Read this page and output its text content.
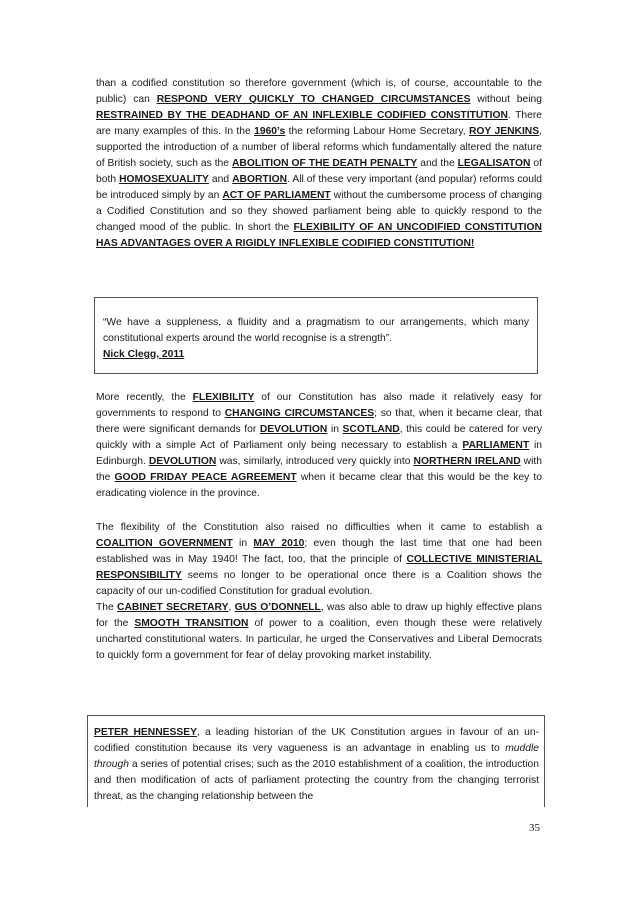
than a codified constitution so therefore government (which is, of course, accountable to the public) can RESPOND VERY QUICKLY TO CHANGED CIRCUMSTANCES without being RESTRAINED BY THE DEADHAND OF AN INFLEXIBLE CODIFIED CONSTITUTION. There are many examples of this. In the 1960’s the reforming Labour Home Secretary, ROY JENKINS, supported the introduction of a number of liberal reforms which fundamentally altered the nature of British society, such as the ABOLITION OF THE DEATH PENALTY and the LEGALISATON of both HOMOSEXUALITY and ABORTION. All of these very important (and popular) reforms could be introduced simply by an ACT OF PARLIAMENT without the cumbersome process of changing a Codified Constitution and so they showed parliament being able to quickly respond to the changed mood of the public. In short the FLEXIBILITY OF AN UNCODIFIED CONSTITUTION HAS ADVANTAGES OVER A RIGIDLY INFLEXIBLE CODIFIED CONSTITUTION!
“We have a suppleness, a fluidity and a pragmatism to our arrangements, which many constitutional experts around the world recognise is a strength”.
Nick Clegg, 2011
More recently, the FLEXIBILITY of our Constitution has also made it relatively easy for governments to respond to CHANGING CIRCUMSTANCES; so that, when it became clear, that there were significant demands for DEVOLUTION in SCOTLAND, this could be catered for very quickly with a simple Act of Parliament only being necessary to establish a PARLIAMENT in Edinburgh. DEVOLUTION was, similarly, introduced very quickly into NORTHERN IRELAND with the GOOD FRIDAY PEACE AGREEMENT when it became clear that this would be the key to eradicating violence in the province.
The flexibility of the Constitution also raised no difficulties when it came to establish a COALITION GOVERNMENT in MAY 2010; even though the last time that one had been established was in May 1940! The fact, too, that the principle of COLLECTIVE MINISTERIAL RESPONSIBILITY seems no longer to be operational once there is a Coalition shows the capacity of our un-codified Constitution for gradual evolution.
The CABINET SECRETARY, GUS O’DONNELL, was also able to draw up highly effective plans for the SMOOTH TRANSITION of power to a coalition, even though these were relatively uncharted constitutional waters. In particular, he urged the Conservatives and Liberal Democrats to quickly form a government for fear of delay provoking market instability.
PETER HENNESSEY, a leading historian of the UK Constitution argues in favour of an un-codified constitution because its very vagueness is an advantage in enabling us to muddle through a series of potential crises; such as the 2010 establishment of a coalition, the introduction and then modification of acts of parliament protecting the country from the changing terrorist threat, as the changing relationship between the
35
